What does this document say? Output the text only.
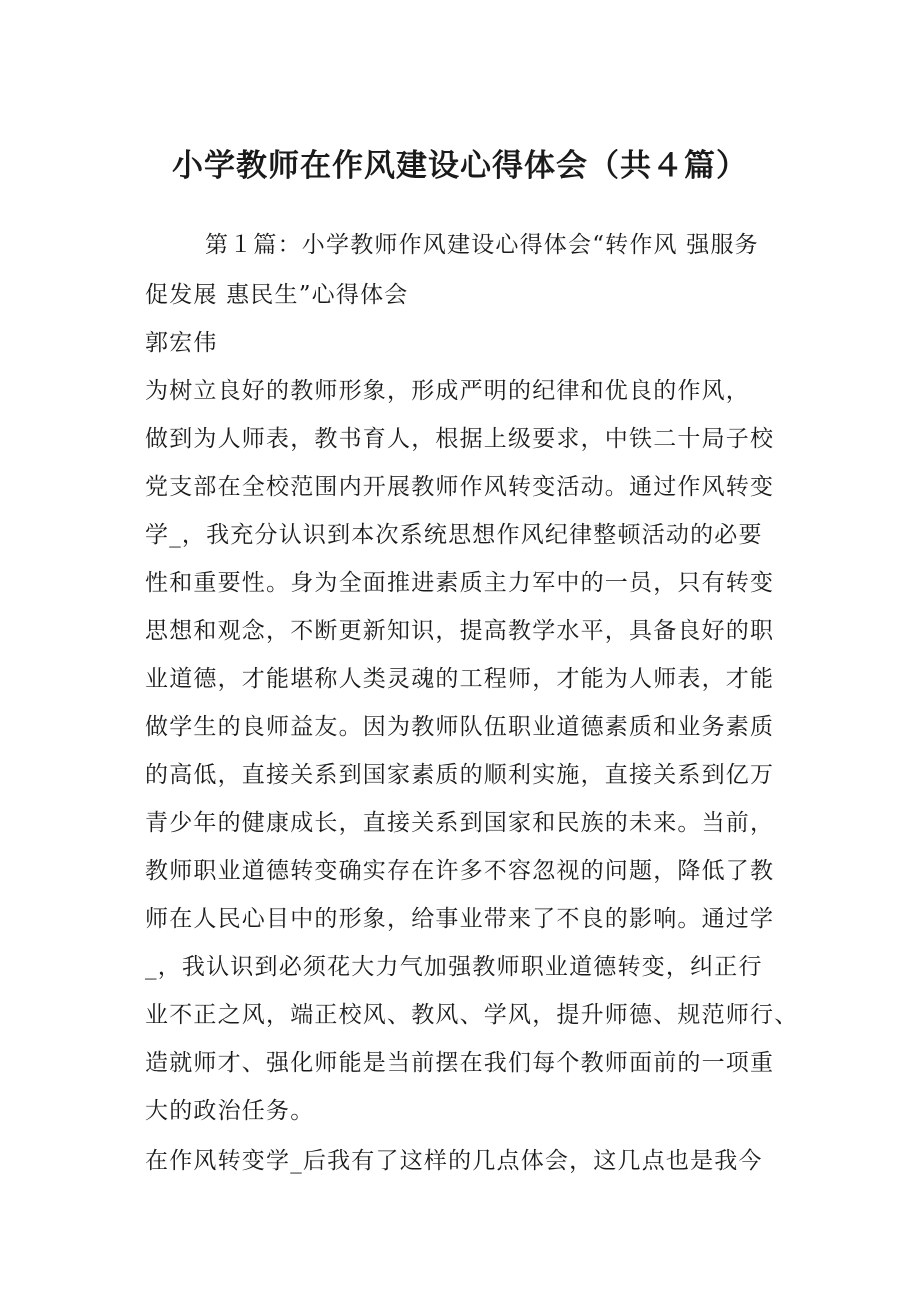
小学教师在作风建设心得体会（共４篇）
第１篇：小学教师作风建设心得体会“转作风 强服务
促发展 惠民生”心得体会
郭宏伟
为树立良好的教师形象，形成严明的纪律和优良的作风，
做到为人师表，教书育人，根据上级要求，中铁二十局子校
党支部在全校范围内开展教师作风转变活动。通过作风转变
学_，我充分认识到本次系统思想作风纪律整顿活动的必要
性和重要性。身为全面推进素质主力军中的一员，只有转变
思想和观念，不断更新知识，提高教学水平，具备良好的职
业道德，才能堪称人类灵魂的工程师，才能为人师表，才能
做学生的良师益友。因为教师队伍职业道德素质和业务素质
的高低，直接关系到国家素质的顺利实施，直接关系到亿万
青少年的健康成长，直接关系到国家和民族的未来。当前，
教师职业道德转变确实存在许多不容忽视的问题，降低了教
师在人民心目中的形象，给事业带来了不良的影响。通过学
_，我认识到必须花大力气加强教师职业道德转变，纠正行
业不正之风，端正校风、教风、学风，提升师德、规范师行、
造就师才、强化师能是当前摆在我们每个教师面前的一项重
大的政治任务。
在作风转变学_后我有了这样的几点体会，这几点也是我今
